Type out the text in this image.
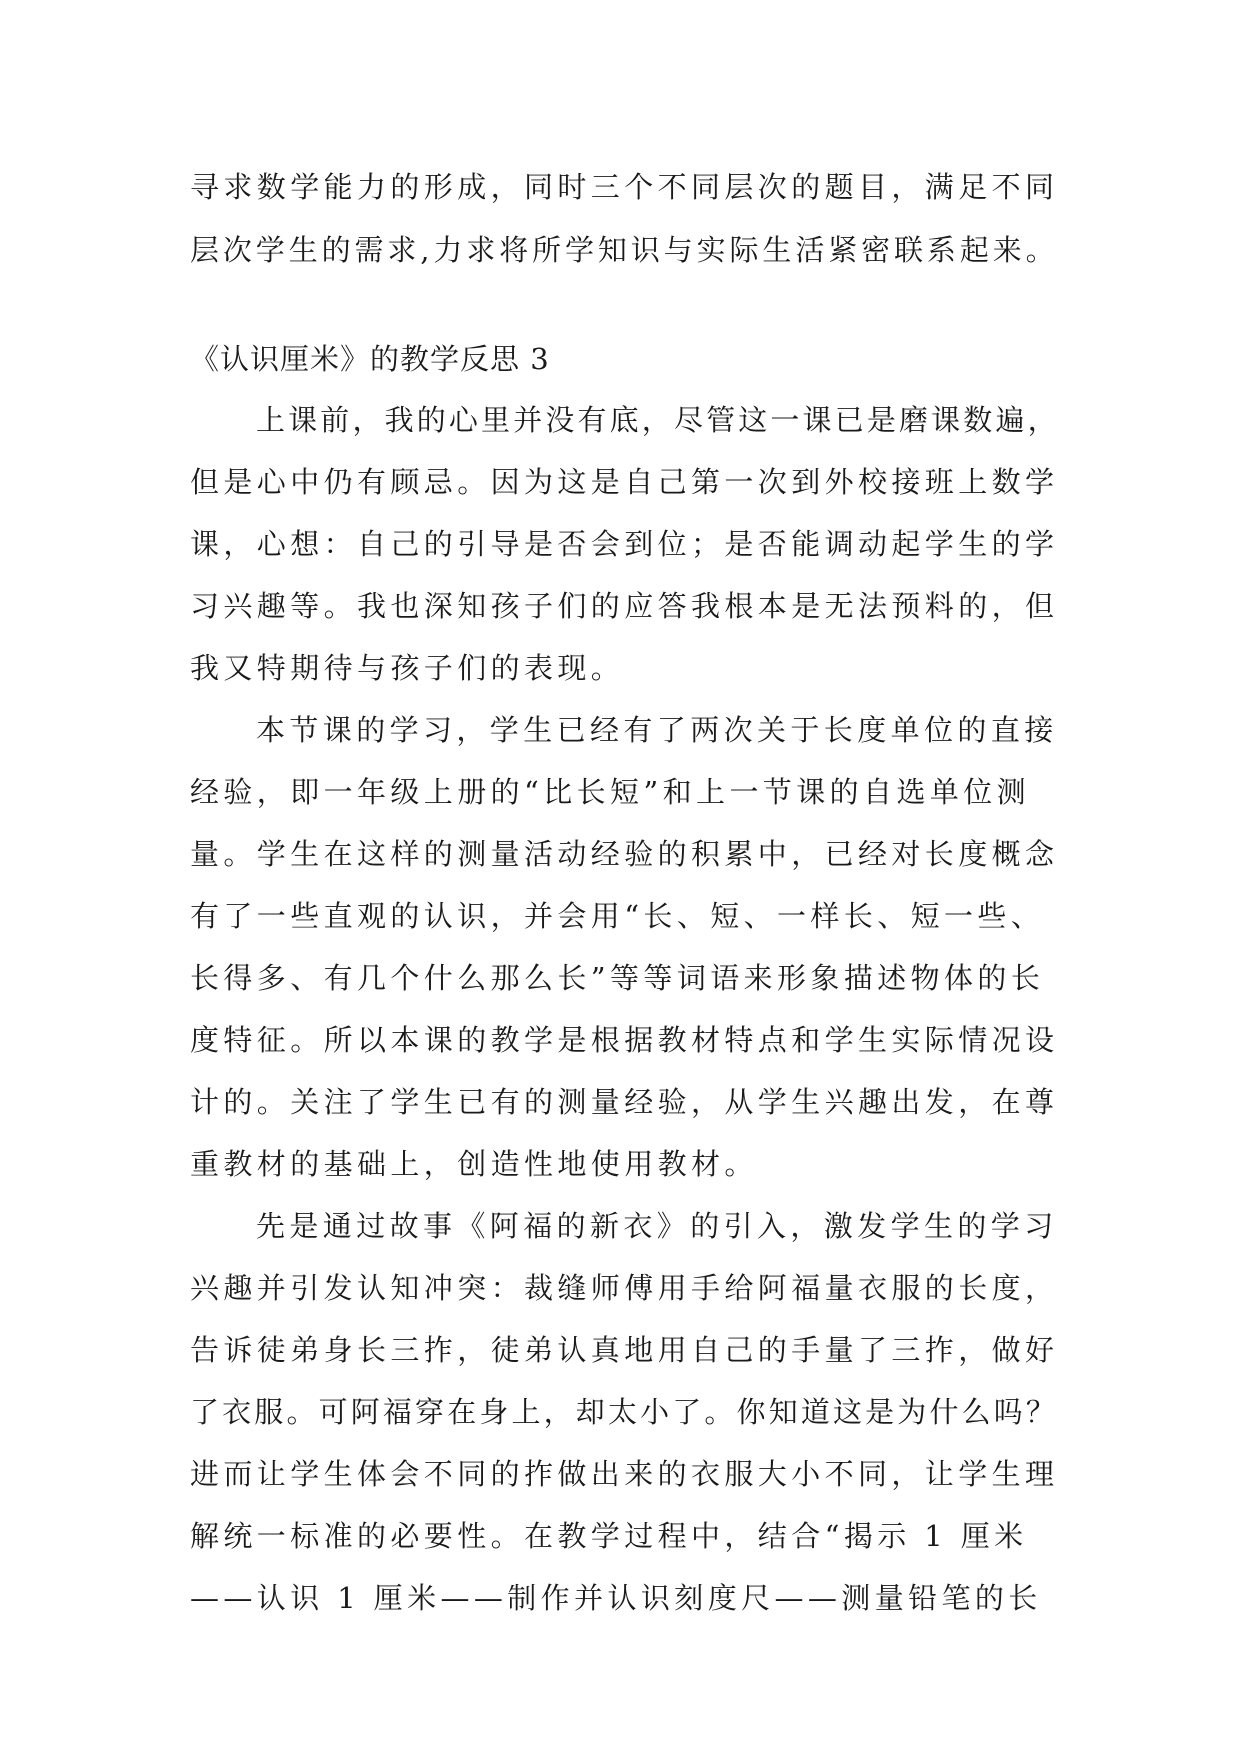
寻求数学能力的形成，同时三个不同层次的题目，满足不同
层次学生的需求,力求将所学知识与实际生活紧密联系起来。
《认识厘米》的教学反思 3
上课前，我的心里并没有底，尽管这一课已是磨课数遍，
但是心中仍有顾忌。因为这是自己第一次到外校接班上数学
课，心想：自己的引导是否会到位；是否能调动起学生的学
习兴趣等。我也深知孩子们的应答我根本是无法预料的，但
我又特期待与孩子们的表现。
本节课的学习，学生已经有了两次关于长度单位的直接
经验，即一年级上册的“比长短”和上一节课的自选单位测
量。学生在这样的测量活动经验的积累中，已经对长度概念
有了一些直观的认识，并会用“长、短、一样长、短一些、
长得多、有几个什么那么长”等等词语来形象描述物体的长
度特征。所以本课的教学是根据教材特点和学生实际情况设
计的。关注了学生已有的测量经验，从学生兴趣出发，在尊
重教材的基础上，创造性地使用教材。
先是通过故事《阿福的新衣》的引入，激发学生的学习
兴趣并引发认知冲突：裁缝师傅用手给阿福量衣服的长度，
告诉徒弟身长三拃，徒弟认真地用自己的手量了三拃，做好
了衣服。可阿福穿在身上，却太小了。你知道这是为什么吗？
进而让学生体会不同的拃做出来的衣服大小不同，让学生理
解统一标准的必要性。在教学过程中，结合“揭示 1 厘米
——认识 1 厘米——制作并认识刻度尺——测量铅笔的长
